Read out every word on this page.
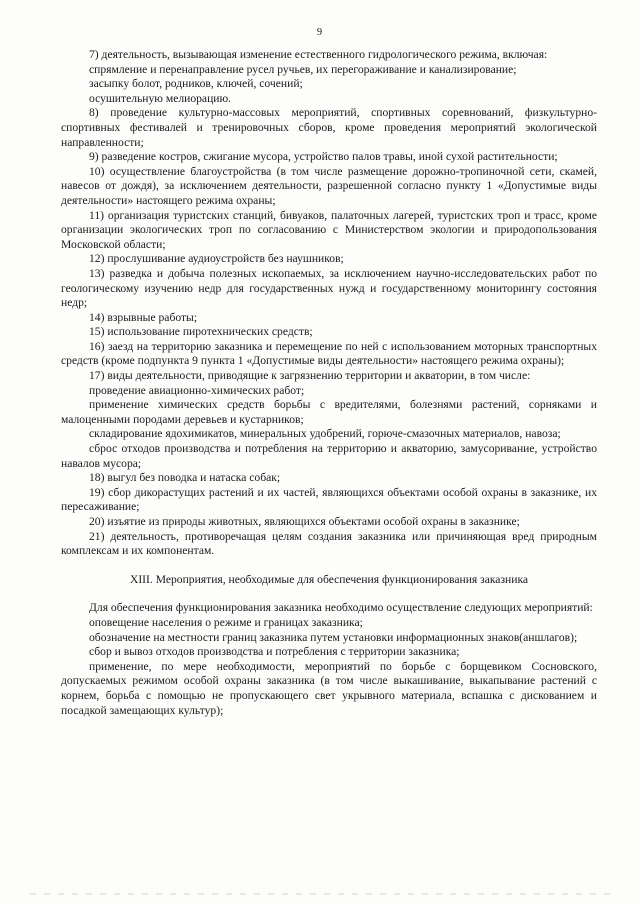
9

7) деятельность, вызывающая изменение естественного гидрологического режима, включая:

спрямление и перенаправление русел ручьев, их перегораживание и канализирование;

засыпку болот, родников, ключей, сочений;

осушительную мелиорацию.

8) проведение культурно-массовых мероприятий, спортивных соревнований, физкультурно-спортивных фестивалей и тренировочных сборов, кроме проведения мероприятий экологической направленности;

9) разведение костров, сжигание мусора, устройство палов травы, иной сухой растительности;

10) осуществление благоустройства (в том числе размещение дорожно-тропиночной сети, скамей, навесов от дождя), за исключением деятельности, разрешенной согласно пункту 1 «Допустимые виды деятельности» настоящего режима охраны;

11) организация туристских станций, бивуаков, палаточных лагерей, туристских троп и трасс, кроме организации экологических троп по согласованию с Министерством экологии и природопользования Московской области;

12) прослушивание аудиоустройств без наушников;

13) разведка и добыча полезных ископаемых, за исключением научно-исследовательских работ по геологическому изучению недр для государственных нужд и государственному мониторингу состояния недр;

14) взрывные работы;

15) использование пиротехнических средств;

16) заезд на территорию заказника и перемещение по ней с использованием моторных транспортных средств (кроме подпункта 9 пункта 1 «Допустимые виды деятельности» настоящего режима охраны);

17) виды деятельности, приводящие к загрязнению территории и акватории, в том числе:

проведение авиационно-химических работ;

применение химических средств борьбы с вредителями, болезнями растений, сорняками и малоценными породами деревьев и кустарников;

складирование ядохимикатов, минеральных удобрений, горюче-смазочных материалов, навоза;

сброс отходов производства и потребления на территорию и акваторию, замусоривание, устройство навалов мусора;

18) выгул без поводка и натаска собак;

19) сбор дикорастущих растений и их частей, являющихся объектами особой охраны в заказнике, их пересаживание;

20) изъятие из природы животных, являющихся объектами особой охраны в заказнике;

21) деятельность, противоречащая целям создания заказника или причиняющая вред природным комплексам и их компонентам.

XIII. Мероприятия, необходимые для обеспечения функционирования заказника

Для обеспечения функционирования заказника необходимо осуществление следующих мероприятий:

оповещение населения о режиме и границах заказника;

обозначение на местности границ заказника путем установки информационных знаков(аншлагов);

сбор и вывоз отходов производства и потребления с территории заказника;

применение, по мере необходимости, мероприятий по борьбе с борщевиком Сосновского, допускаемых режимом особой охраны заказника (в том числе выкашивание, выкапывание растений с корнем, борьба с помощью не пропускающего свет укрывного материала, вспашка с дискованием и посадкой замещающих культур);
